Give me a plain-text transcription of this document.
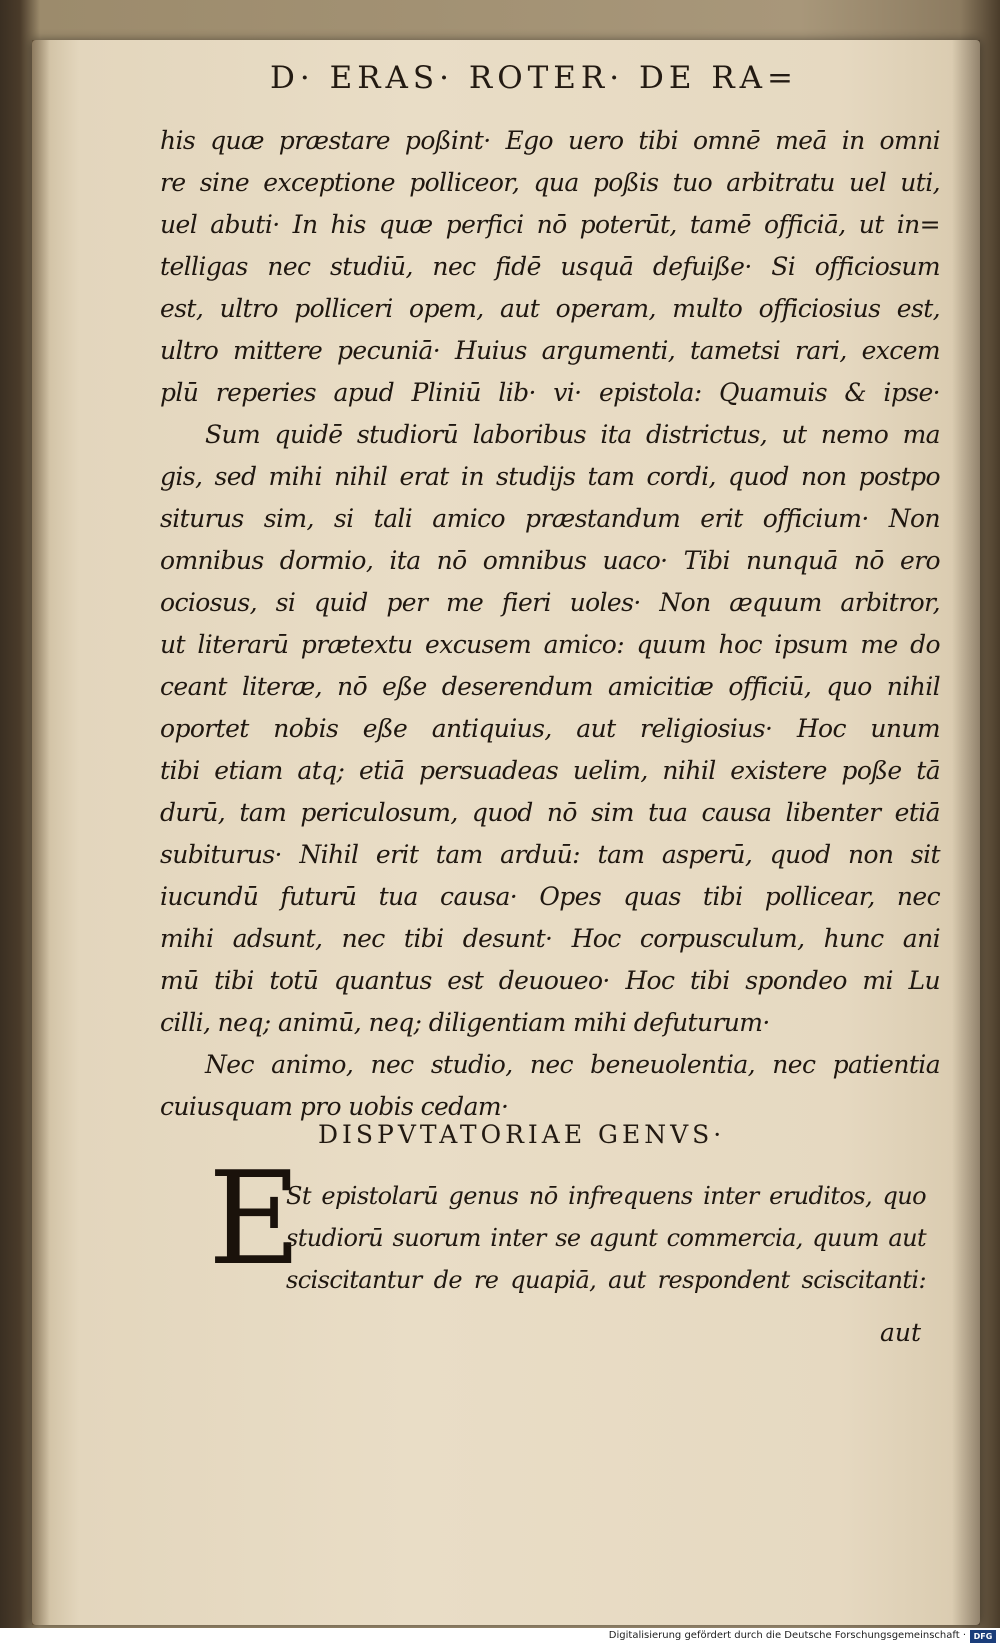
D· ERAS· ROTER· DE RA=
his quæ præstare poßint· Ego uero tibi omnē meā in omni
re sine exceptione polliceor, qua poßis tuo arbitratu uel uti,
uel abuti· In his quæ perfici nō poterūt, tamē officiā, ut in=
telligas nec studiū, nec fidē usquā defuiße· Si officiosum
est, ultro polliceri opem, aut operam, multo officiosius est,
ultro mittere pecuniā· Huius argumenti, tametsi rari, excem
plū reperies apud Pliniū lib· vi· epistola: Quamuis & ipse·
Sum quidē studiorū laboribus ita districtus, ut nemo ma
gis, sed mihi nihil erat in studijs tam cordi, quod non postpo
siturus sim, si tali amico præstandum erit officium· Non
omnibus dormio, ita nō omnibus uaco· Tibi nunquā nō ero
ociosus, si quid per me fieri uoles· Non æquum arbitror,
ut literarū prætextu excusem amico: quum hoc ipsum me do
ceant literæ, nō eße deserendum amicitiæ officiū, quo nihil
oportet nobis eße antiquius, aut religiosius· Hoc unum
tibi etiam atq; etiā persuadeas uelim, nihil existere poße tā
durū, tam periculosum, quod nō sim tua causa libenter etiā
subiturus· Nihil erit tam arduū: tam asperū, quod non sit
iucundū futurū tua causa· Opes quas tibi pollicear, nec
mihi adsunt, nec tibi desunt· Hoc corpusculum, hunc ani
mū tibi totū quantus est deuoueo· Hoc tibi spondeo mi Lu
cilli, neq; animū, neq; diligentiam mihi defuturum·
Nec animo, nec studio, nec beneuolentia, nec patientia
cuiusquam pro uobis cedam·
DISPVTATORIAE GENVS·
E
St epistolarū genus nō infrequens inter eruditos, quo
studiorū suorum inter se agunt commercia, quum aut
sciscitantur de re quapiā, aut respondent sciscitanti:
aut
Digitalisierung gefördert durch die Deutsche Forschungsgemeinschaft · DFG
